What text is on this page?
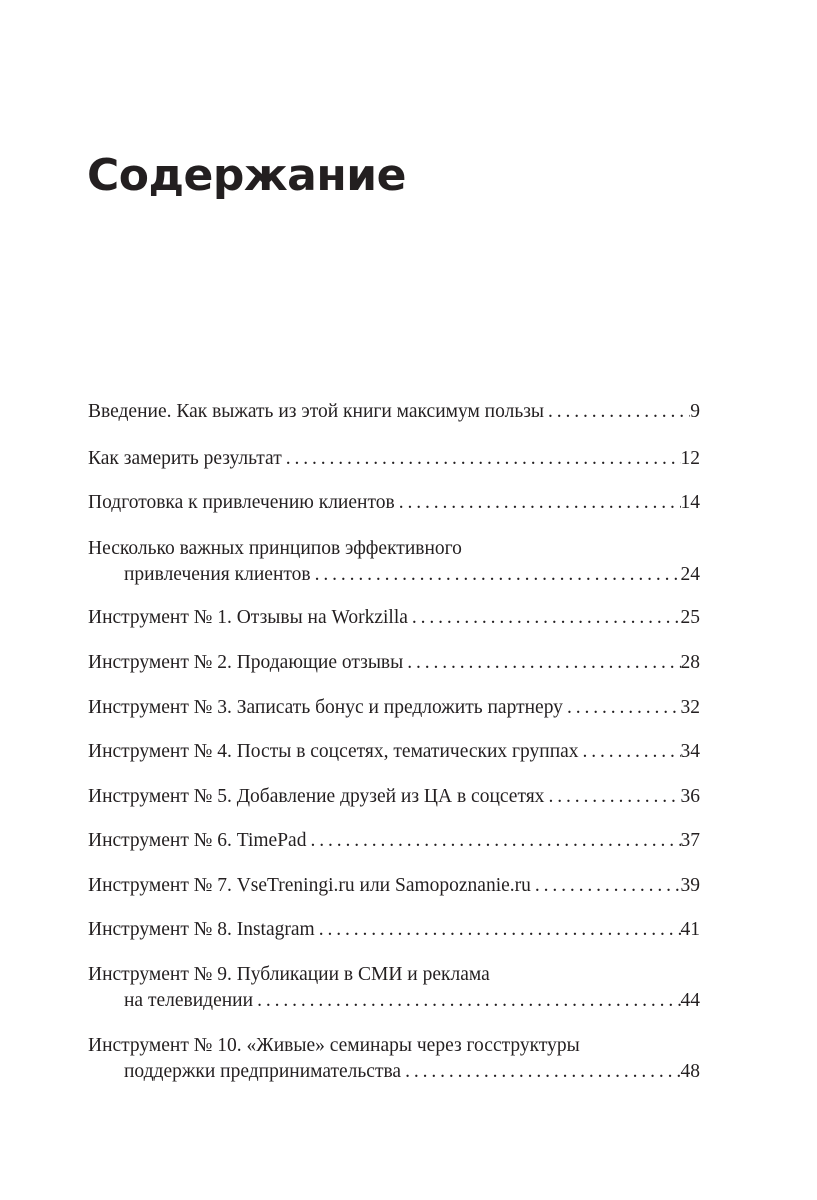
Содержание
Введение. Как выжать из этой книги максимум пользы . . .	9
Как замерить результат . . .	12
Подготовка к привлечению клиентов . . .	14
Несколько важных принципов эффективного
привлечения клиентов . . .	24
Инструмент № 1. Отзывы на Workzilla . . .	25
Инструмент № 2. Продающие отзывы . . .	28
Инструмент № 3. Записать бонус и предложить партнеру . . .	32
Инструмент № 4. Посты в соцсетях, тематических группах . . .	34
Инструмент № 5. Добавление друзей из ЦА в соцсетях . . .	36
Инструмент № 6. TimePad . . .	37
Инструмент № 7. VseTreningi.ru или Samopoznanie.ru . . .	39
Инструмент № 8. Instagram . . .	41
Инструмент № 9. Публикации в СМИ и реклама
на телевидении . . .	44
Инструмент № 10. «Живые» семинары через госструктуры
поддержки предпринимательства . . .	48
